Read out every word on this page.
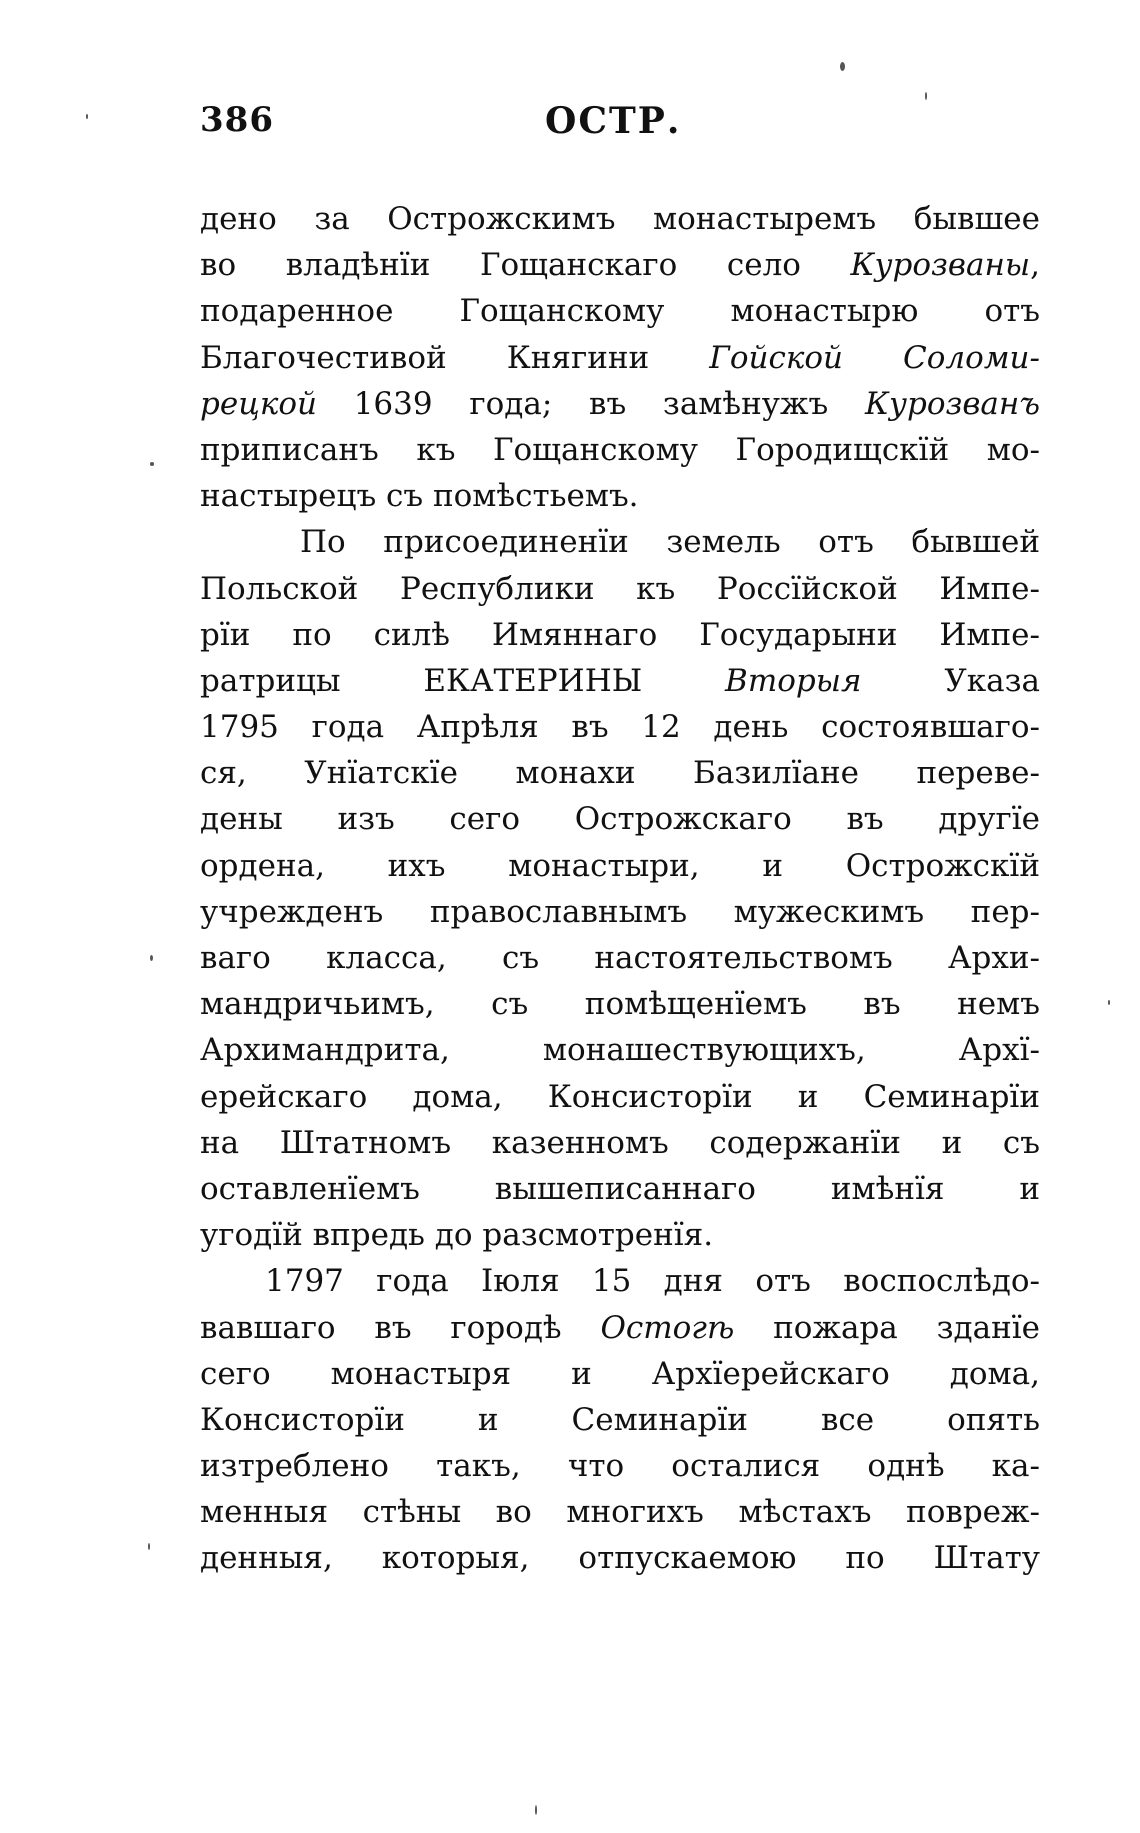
386	ОСТР.
дено за Острожскимъ монастыремъ бывшее
во владѣнїи Гощанскаго село Курозваны,
подаренное Гощанскому монастырю отъ
Благочестивой Княгини Гойской Соломи-
рецкой 1639 года; въ замѣнужъ Курозванъ
приписанъ къ Гощанскому Городищскїй мо-
настырецъ съ помѣстьемъ.
По присоединенїи земель отъ бывшей
Польской Республики къ Россїйской Импе-
рїи по силѣ Имяннаго Государыни Импе-
ратрицы ЕКАТЕРИНЫ Вторыя Указа
1795 года Апрѣля въ 12 день состоявшаго-
ся, Унїатскїе монахи Базилїане переве-
дены изъ сего Острожскаго въ другїе
ордена, ихъ монастыри, и Острожскїй
учрежденъ православнымъ мужескимъ пер-
ваго класса, съ настоятельствомъ Архи-
мандричьимъ, съ помѣщенїемъ въ немъ
Архимандрита, монашествующихъ, Архї-
ерейскаго дома, Консисторїи и Семинарїи
на Штатномъ казенномъ содержанїи и съ
оставленїемъ вышеписаннаго имѣнїя и
угодїй впредь до разсмотренїя.
1797 года Iюля 15 дня отъ воспослѣдо-
вавшаго въ городѣ Остогѣ пожара зданїе
сего монастыря и Архїерейскаго дома,
Консисторїи и Семинарїи все опять
изтреблено такъ, что осталися однѣ ка-
менныя стѣны во многихъ мѣстахъ повреж-
денныя, которыя, отпускаемою по Штату
